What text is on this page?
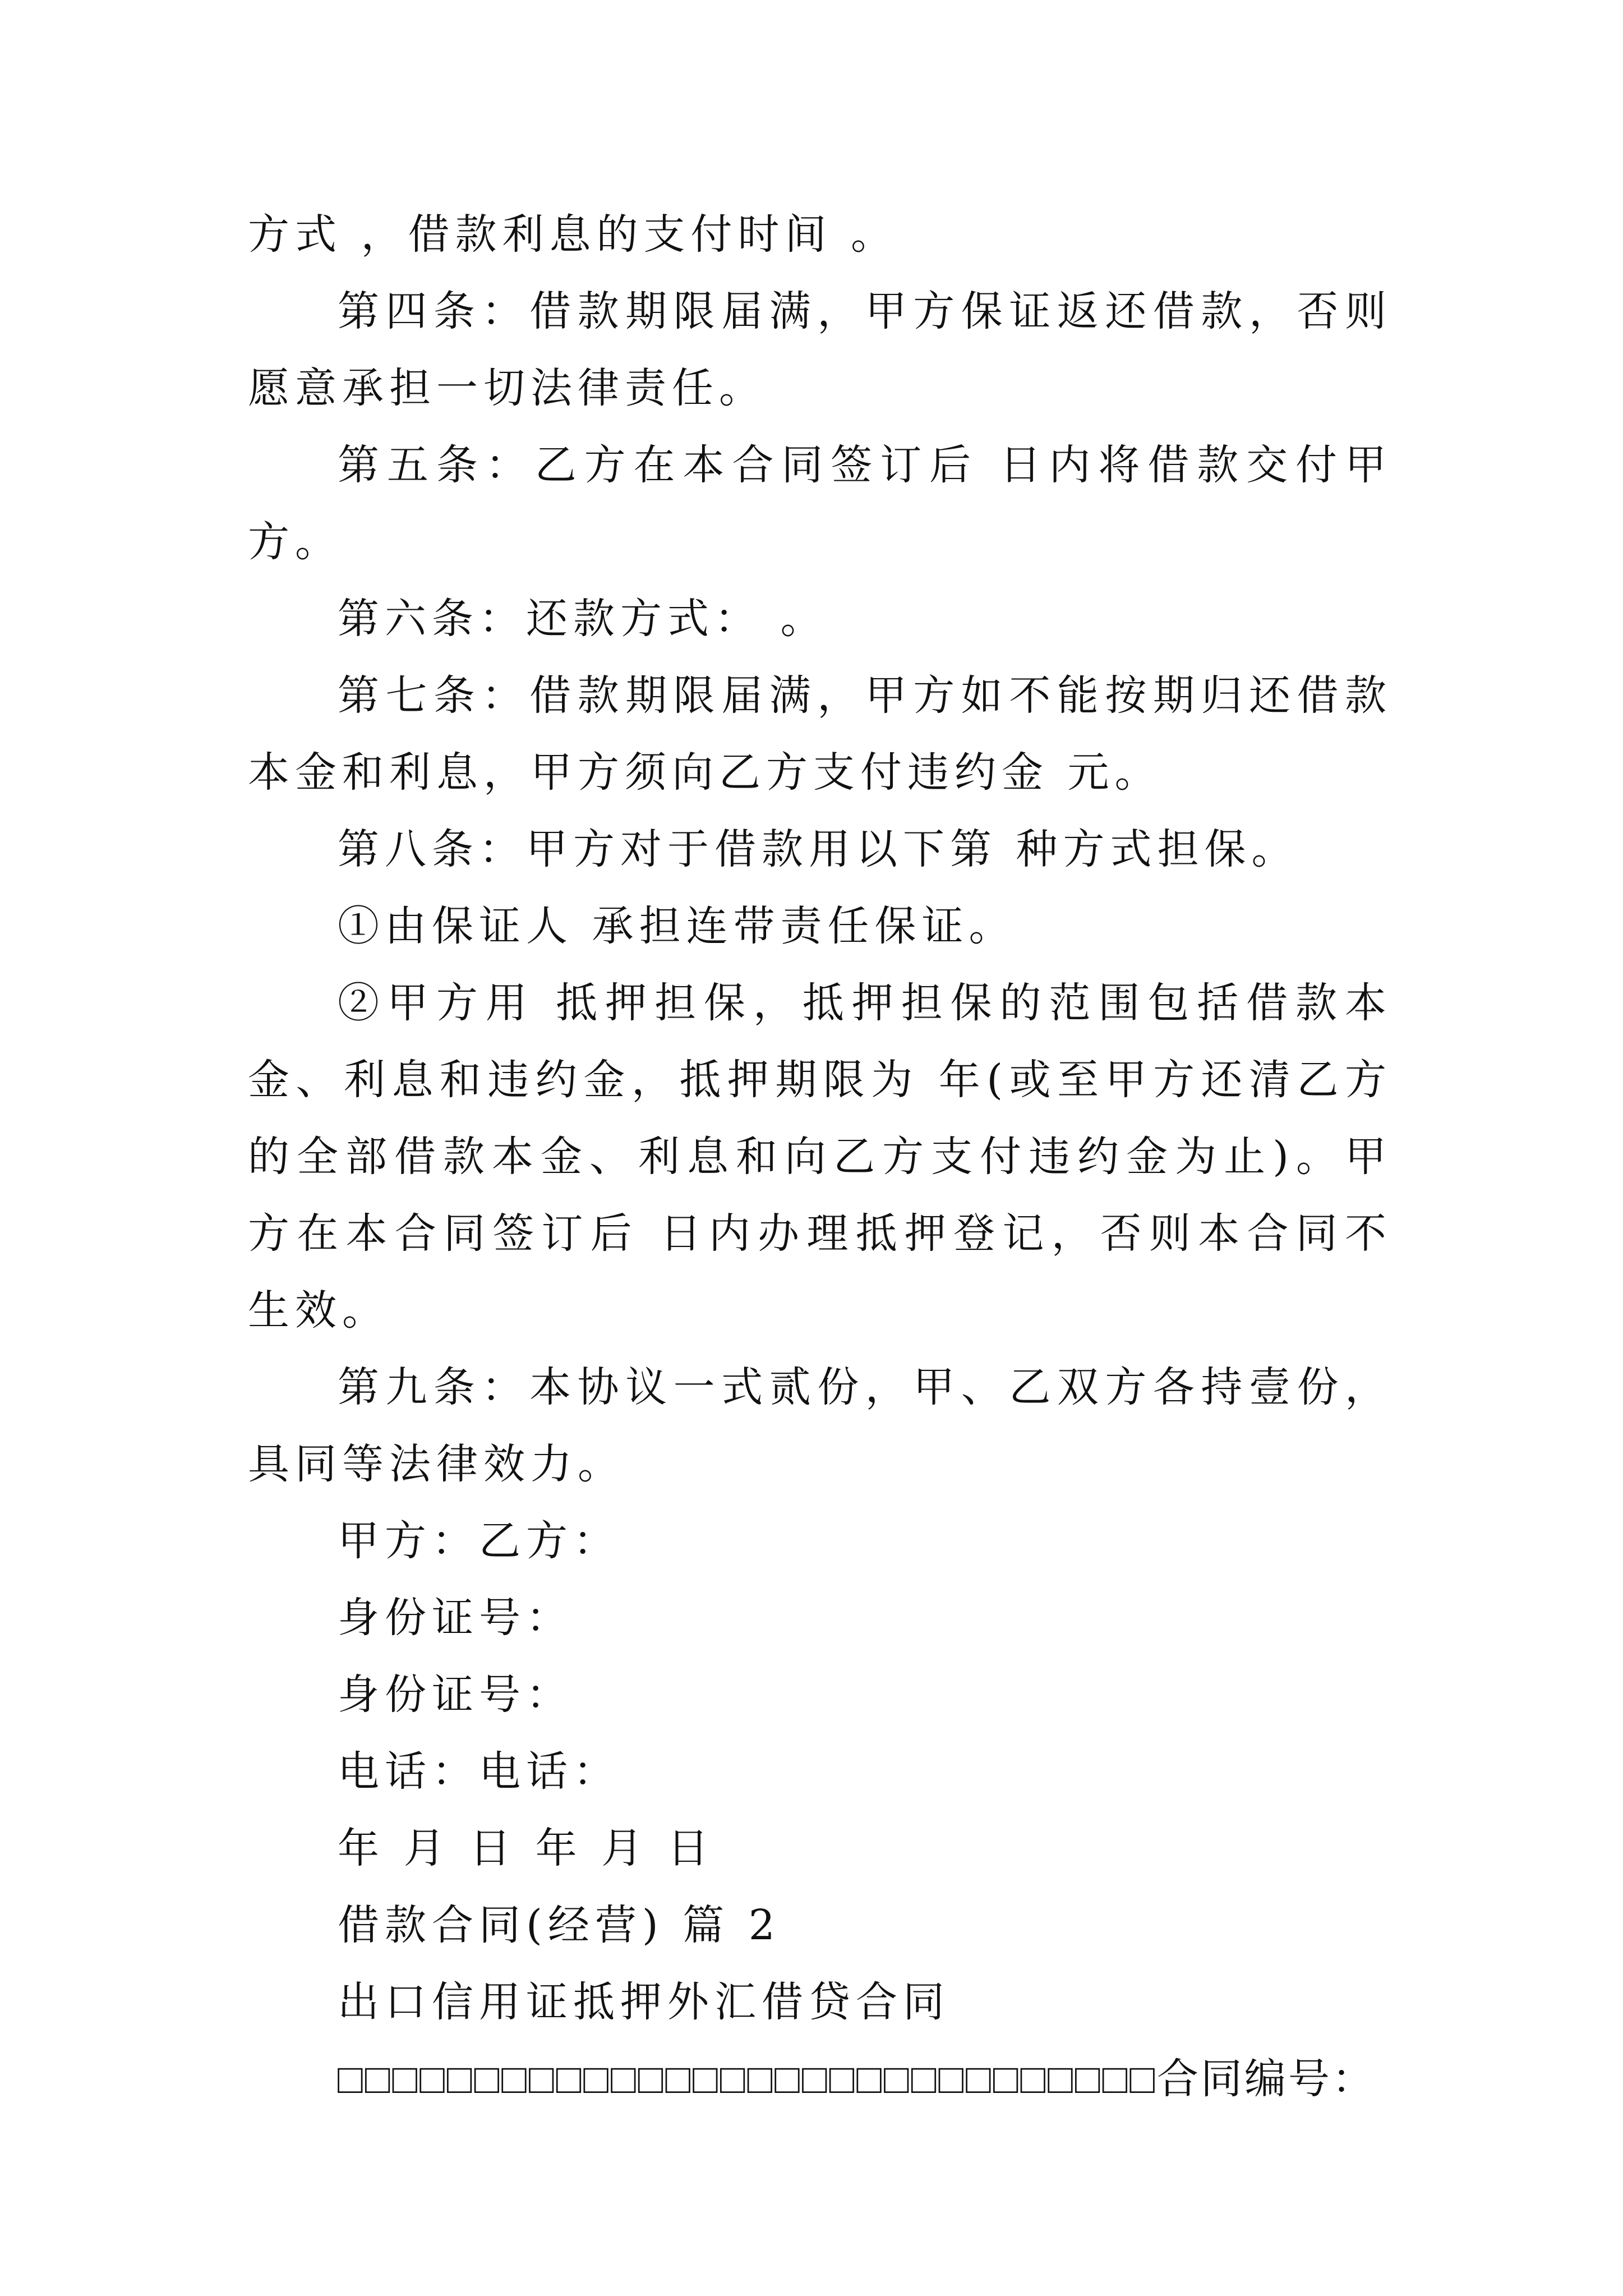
方式 ，借款利息的支付时间 。

第四条：借款期限届满，甲方保证返还借款，否则愿意承担一切法律责任。

第五条：乙方在本合同签订后 日内将借款交付甲方。

第六条：还款方式： 。

第七条：借款期限届满，甲方如不能按期归还借款本金和利息，甲方须向乙方支付违约金 元。

第八条：甲方对于借款用以下第 种方式担保。

①由保证人 承担连带责任保证。

②甲方用 抵押担保，抵押担保的范围包括借款本金、利息和违约金，抵押期限为 年(或至甲方还清乙方的全部借款本金、利息和向乙方支付违约金为止)。甲方在本合同签订后 日内办理抵押登记，否则本合同不生效。

第九条：本协议一式贰份，甲、乙双方各持壹份，具同等法律效力。

甲方：乙方：

身份证号：

身份证号：

电话：电话：

年 月 日 年 月 日

借款合同(经营) 篇 2

出口信用证抵押外汇借贷合同

□□□□□□□□□□□□□□□□□□□□□□□□□□□□□□合同编号：
